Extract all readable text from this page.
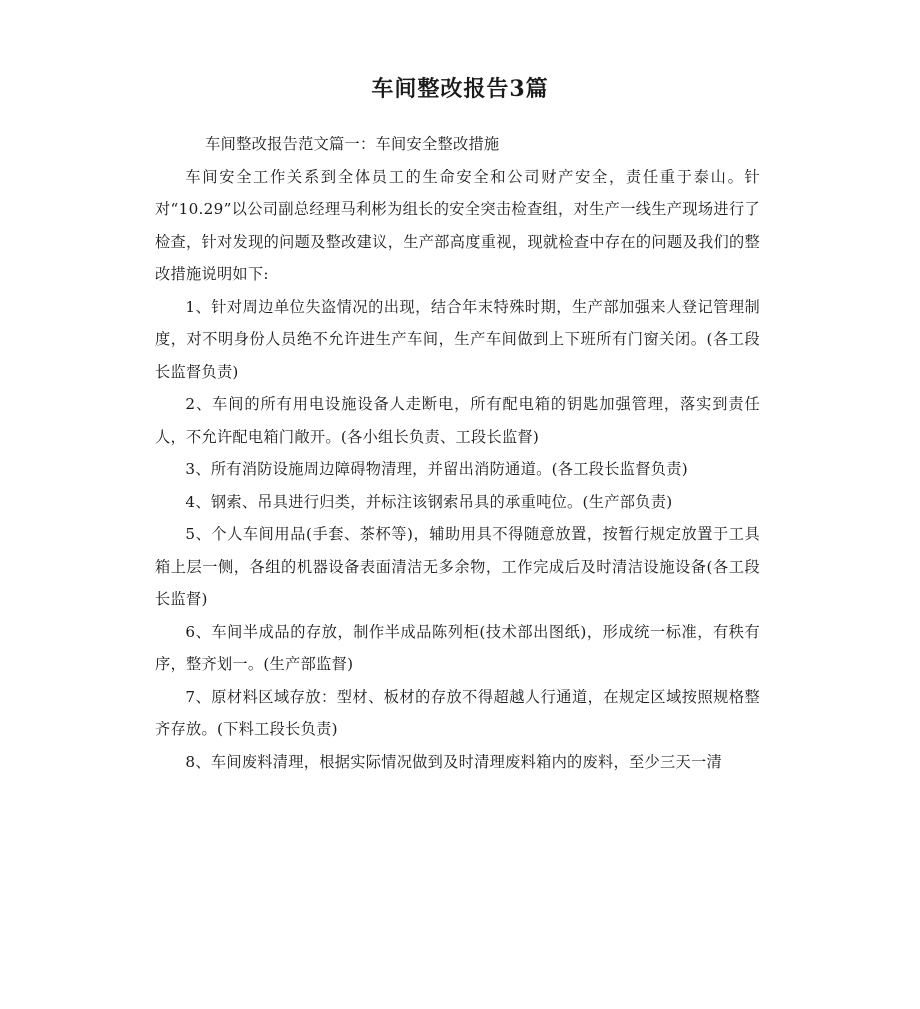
车间整改报告3篇

车间整改报告范文篇一：车间安全整改措施

车间安全工作关系到全体员工的生命安全和公司财产安全，责任重于泰山。针对“10.29”以公司副总经理马利彬为组长的安全突击检查组，对生产一线生产现场进行了检查，针对发现的问题及整改建议，生产部高度重视，现就检查中存在的问题及我们的整改措施说明如下:

1、针对周边单位失盗情况的出现，结合年末特殊时期，生产部加强来人登记管理制度，对不明身份人员绝不允许进生产车间，生产车间做到上下班所有门窗关闭。(各工段长监督负责)

2、车间的所有用电设施设备人走断电，所有配电箱的钥匙加强管理，落实到责任人，不允许配电箱门敞开。(各小组长负责、工段长监督)

3、所有消防设施周边障碍物清理，并留出消防通道。(各工段长监督负责)

4、钢索、吊具进行归类，并标注该钢索吊具的承重吨位。(生产部负责)

5、个人车间用品(手套、茶杯等)，辅助用具不得随意放置，按暂行规定放置于工具箱上层一侧，各组的机器设备表面清洁无多余物，工作完成后及时清洁设施设备(各工段长监督)

6、车间半成品的存放，制作半成品陈列柜(技术部出图纸)，形成统一标准，有秩有序，整齐划一。(生产部监督)

7、原材料区域存放：型材、板材的存放不得超越人行通道，在规定区域按照规格整齐存放。(下料工段长负责)

8、车间废料清理，根据实际情况做到及时清理废料箱内的废料，至少三天一清
